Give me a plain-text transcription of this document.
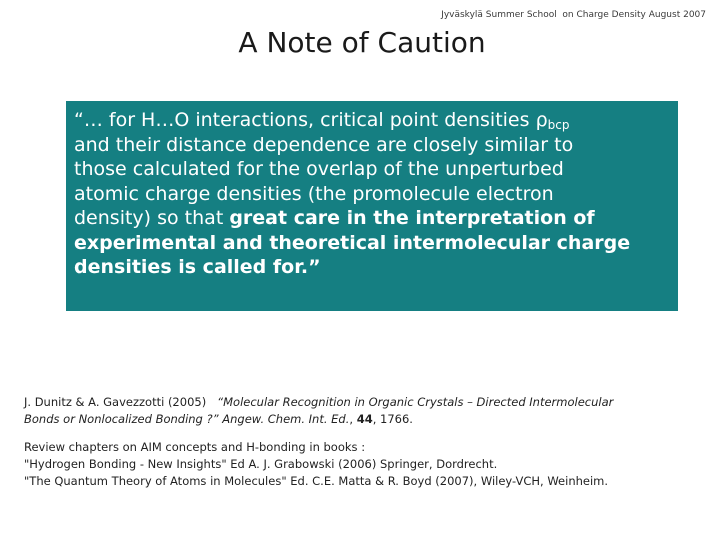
Jyväskylä Summer School  on Charge Density August 2007
A Note of Caution
“… for H…O interactions, critical point densities $\rho_{bcp}$
and their distance dependence are closely similar to
those calculated for the overlap of the unperturbed
atomic charge densities (the promolecule electron
density) so that great care in the interpretation of
experimental and theoretical intermolecular charge
densities is called for.”
J. Dunitz & A. Gavezzotti (2005) “Molecular Recognition in Organic Crystals – Directed Intermolecular
Bonds or Nonlocalized Bonding ?” Angew. Chem. Int. Ed., 44, 1766.
Review chapters on AIM concepts and H-bonding in books :
"Hydrogen Bonding - New Insights" Ed A. J. Grabowski (2006) Springer, Dordrecht.
"The Quantum Theory of Atoms in Molecules" Ed. C.E. Matta & R. Boyd (2007), Wiley-VCH, Weinheim.
